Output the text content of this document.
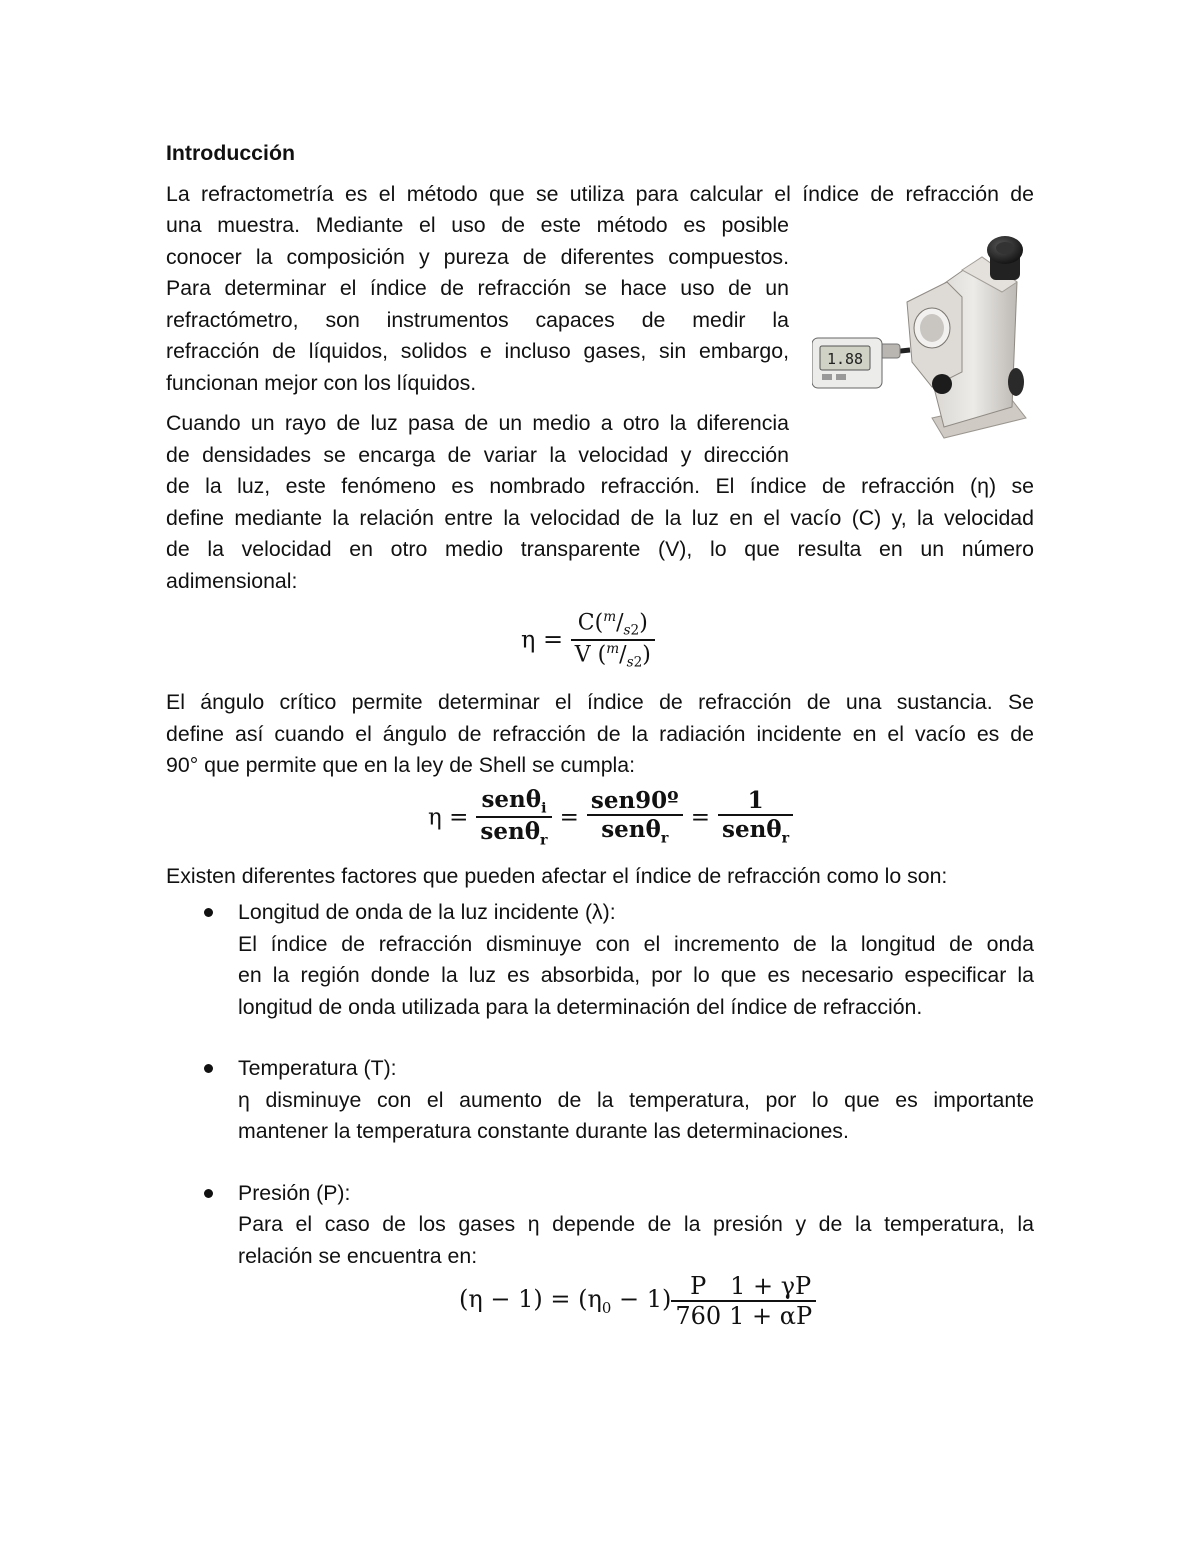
Introducción
La refractometría es el método que se utiliza para calcular el índice de refracción de
una muestra. Mediante el uso de este método es posible
conocer la composición y pureza de diferentes compuestos.
Para determinar el índice de refracción se hace uso de un
refractómetro, son instrumentos capaces de medir la
refracción de líquidos, solidos e incluso gases, sin embargo,
funcionan mejor con los líquidos.
Cuando un rayo de luz pasa de un medio a otro la diferencia
de densidades se encarga de variar la velocidad y dirección
de la luz, este fenómeno es nombrado refracción. El índice de refracción (η) se
define mediante la relación entre la velocidad de la luz en el vacío (C) y, la velocidad
de la velocidad en otro medio transparente (V), lo que resulta en un número
adimensional:
$\eta = \frac{C(^m/_{s2})}{V (^m/_{s2})}$
El ángulo crítico permite determinar el índice de refracción de una sustancia. Se
define así cuando el ángulo de refracción de la radiación incidente en el vacío es de
90° que permite que en la ley de Shell se cumpla:
$\eta = \frac{sen\theta_i}{sen\theta_r} = \frac{\text{sen90º}}{sen\theta_r} = \frac{1}{sen\theta_r}$
Existen diferentes factores que pueden afectar el índice de refracción como lo son:
Longitud de onda de la luz incidente (λ):
El índice de refracción disminuye con el incremento de la longitud de onda
en la región donde la luz es absorbida, por lo que es necesario especificar la
longitud de onda utilizada para la determinación del índice de refracción.
Temperatura (T):
η disminuye con el aumento de la temperatura, por lo que es importante
mantener la temperatura constante durante las determinaciones.
Presión (P):
Para el caso de los gases η depende de la presión y de la temperatura, la
relación se encuentra en:
$(\eta - 1) = (\eta_0 - 1) \frac{P}{760} \frac{1 + \gamma P}{1 + \alpha P}$
1.88
